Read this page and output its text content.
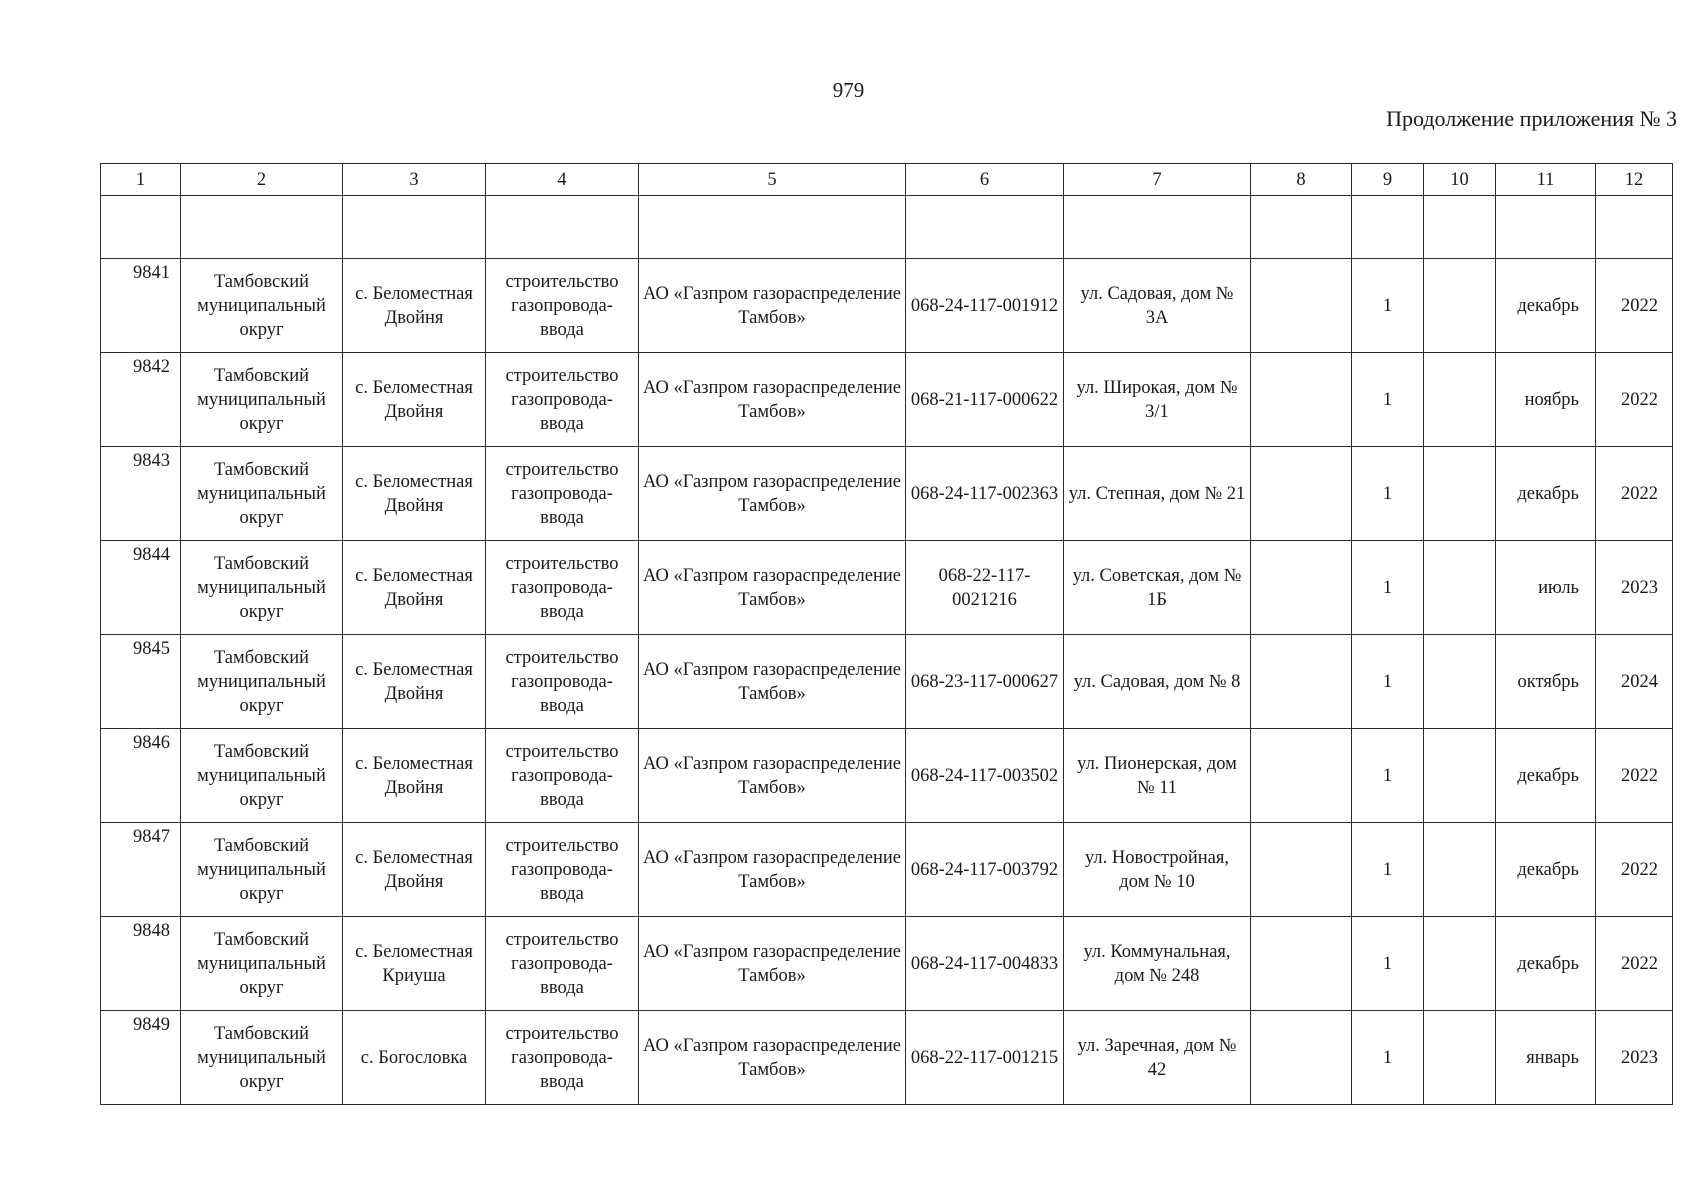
979
Продолжение приложения № 3
1	2	3	4	5	6	7	8	9	10	11	12

9841	Тамбовский муниципальный округ	с. Беломестная Двойня	строительство газопровода-ввода	АО «Газпром газораспределение Тамбов»	068-24-117-001912	ул. Садовая, дом № 3А		1		декабрь	2022
9842	Тамбовский муниципальный округ	с. Беломестная Двойня	строительство газопровода-ввода	АО «Газпром газораспределение Тамбов»	068-21-117-000622	ул. Широкая, дом № 3/1		1		ноябрь	2022
9843	Тамбовский муниципальный округ	с. Беломестная Двойня	строительство газопровода-ввода	АО «Газпром газораспределение Тамбов»	068-24-117-002363	ул. Степная, дом № 21		1		декабрь	2022
9844	Тамбовский муниципальный округ	с. Беломестная Двойня	строительство газопровода-ввода	АО «Газпром газораспределение Тамбов»	068-22-117-0021216	ул. Советская, дом № 1Б		1		июль	2023
9845	Тамбовский муниципальный округ	с. Беломестная Двойня	строительство газопровода-ввода	АО «Газпром газораспределение Тамбов»	068-23-117-000627	ул. Садовая, дом № 8		1		октябрь	2024
9846	Тамбовский муниципальный округ	с. Беломестная Двойня	строительство газопровода-ввода	АО «Газпром газораспределение Тамбов»	068-24-117-003502	ул. Пионерская, дом № 11		1		декабрь	2022
9847	Тамбовский муниципальный округ	с. Беломестная Двойня	строительство газопровода-ввода	АО «Газпром газораспределение Тамбов»	068-24-117-003792	ул. Новостройная, дом № 10		1		декабрь	2022
9848	Тамбовский муниципальный округ	с. Беломестная Криуша	строительство газопровода-ввода	АО «Газпром газораспределение Тамбов»	068-24-117-004833	ул. Коммунальная, дом № 248		1		декабрь	2022
9849	Тамбовский муниципальный округ	с. Богословка	строительство газопровода-ввода	АО «Газпром газораспределение Тамбов»	068-22-117-001215	ул. Заречная, дом № 42		1		январь	2023
